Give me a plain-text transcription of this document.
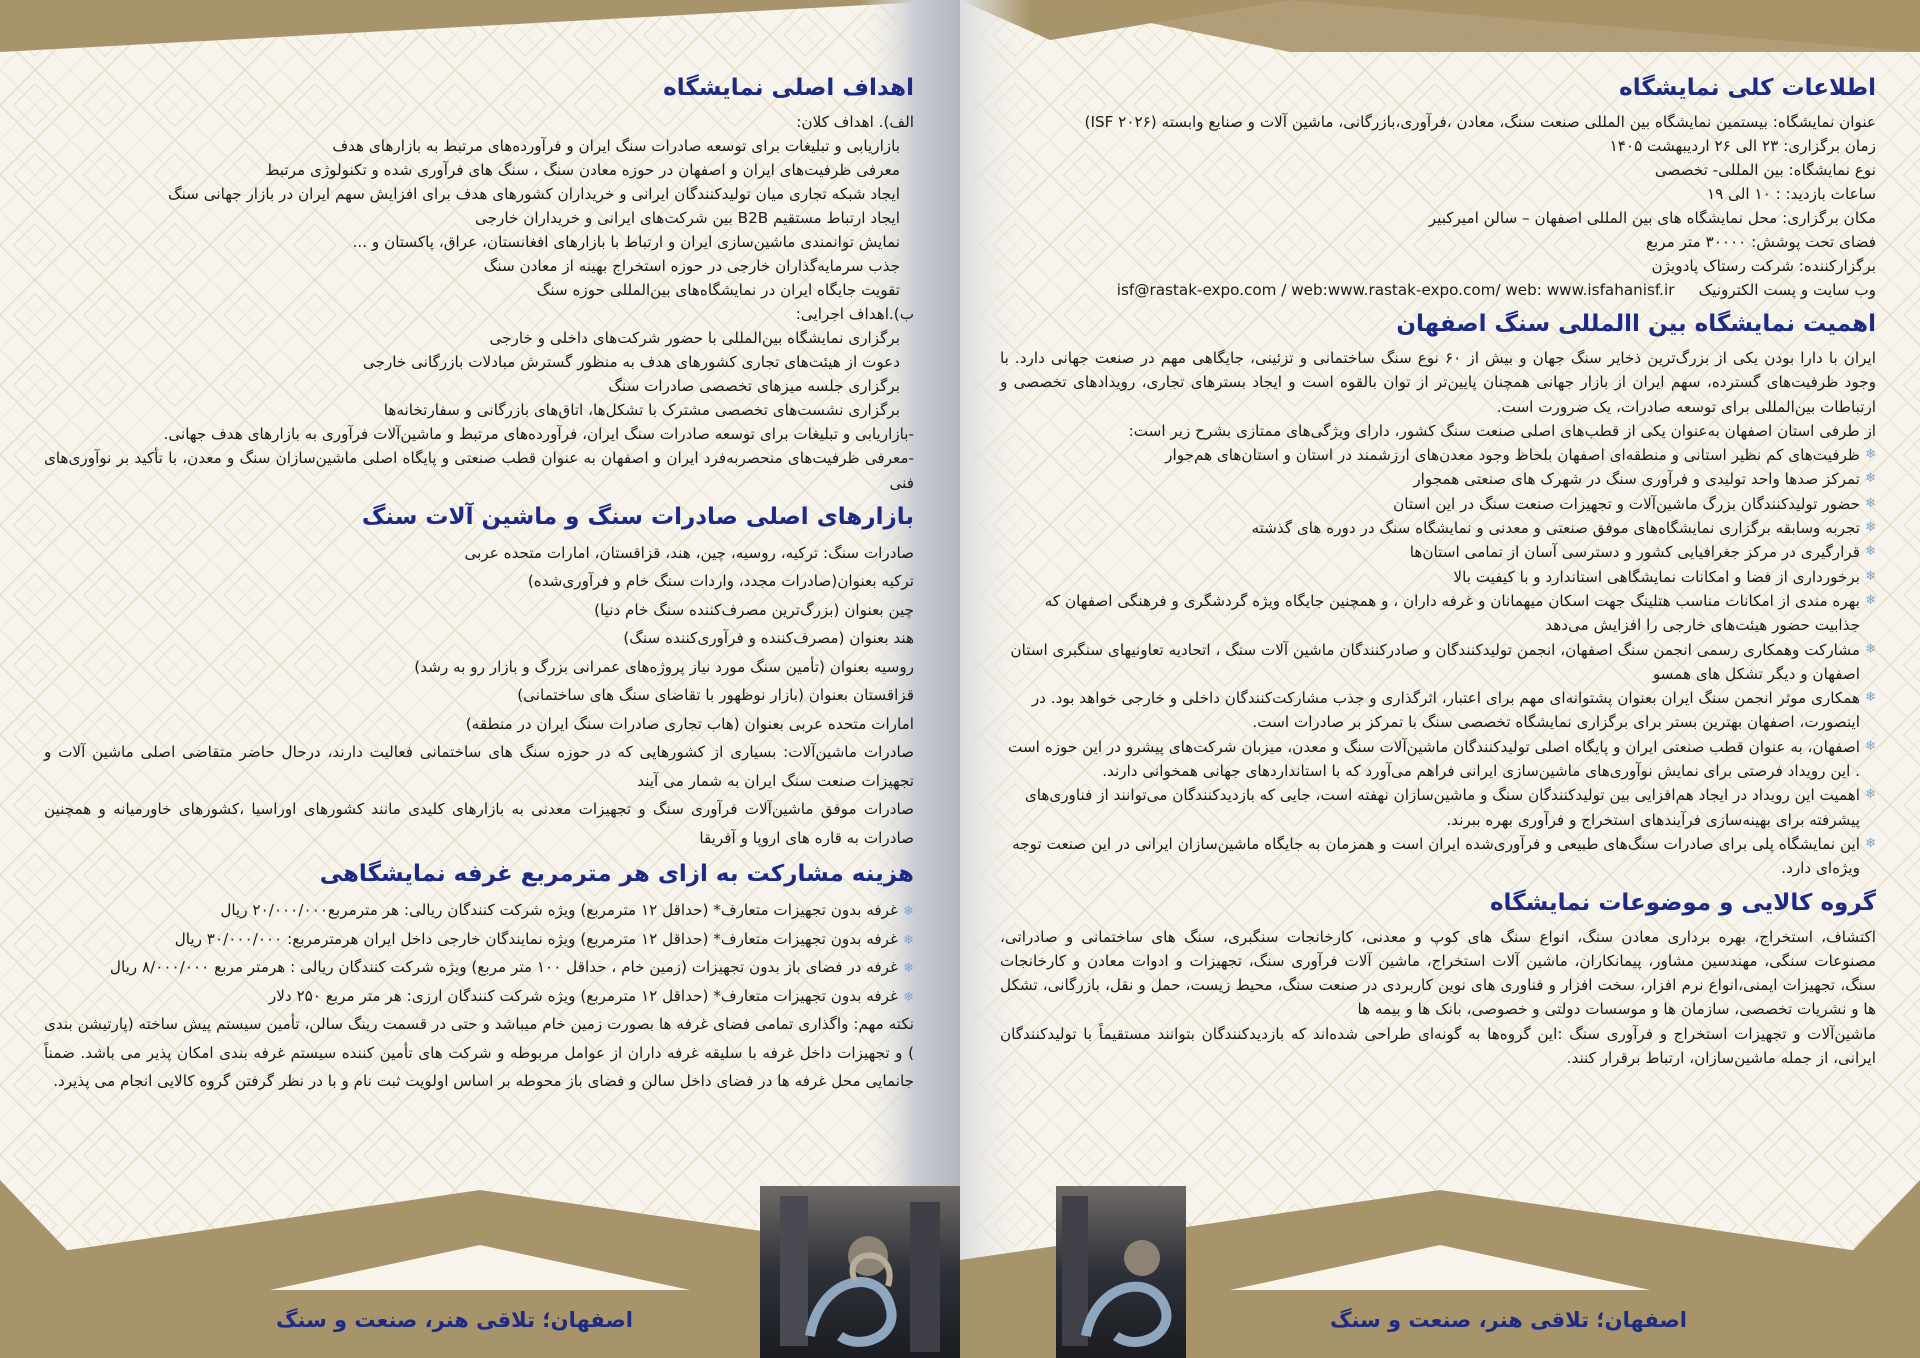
اطلاعات کلی نمایشگاه
عنوان نمایشگاه: بیستمین نمایشگاه بین المللی صنعت سنگ، معادن ،فرآوری،بازرگانی، ماشین آلات و صنایع وابسته (ISF ۲۰۲۶)
زمان برگزاری: ۲۳ الی ۲۶ اردیبهشت ۱۴۰۵
نوع نمایشگاه: بین المللی- تخصصی
ساعات بازدید: : ۱۰ الی ۱۹
مکان برگزاری: محل نمایشگاه های بین المللی اصفهان – سالن امیرکبیر
فضای تحت پوشش: ۳۰۰۰۰ متر مربع
برگزارکننده: شرکت رستاک پادویژن
وب سایت و پست الکترونیک     isf@rastak-expo.com / web:www.rastak-expo.com/ web: www.isfahanisf.ir
اهمیت نمایشگاه بین االمللی سنگ اصفهان
ایران با دارا بودن یکی از بزرگ‌ترین ذخایر سنگ جهان و بیش از ۶۰ نوع سنگ ساختمانی و تزئینی، جایگاهی مهم در صنعت جهانی دارد. با وجود ظرفیت‌های گسترده، سهم ایران از بازار جهانی همچنان پایین‌تر از توان بالقوه است و ایجاد بسترهای تجاری، رویدادهای تخصصی و ارتباطات بین‌المللی برای توسعه صادرات، یک ضرورت است.
از طرفی استان اصفهان به‌عنوان یکی از قطب‌های اصلی صنعت سنگ کشور، دارای ویژگی‌های ممتازی بشرح زیر است:
❄
ظرفیت‌های کم نظیر استانی و منطقه‌ای اصفهان بلحاظ وجود معدن‌های ارزشمند در استان و استان‌های هم‌جوار
❄
تمرکز صدها واحد تولیدی و فرآوری سنگ در شهرک های صنعتی همجوار
❄
حضور تولیدکنندگان بزرگ ماشین‌آلات و تجهیزات صنعت سنگ در این استان
❄
تجربه وسابقه برگزاری نمایشگاه‌های موفق صنعتی و معدنی و نمایشگاه سنگ در دوره های گذشته
❄
قرارگیری در مرکز جغرافیایی کشور و دسترسی آسان از تمامی استان‌ها
❄
برخورداری از فضا و امکانات نمایشگاهی استاندارد و با کیفیت بالا
❄
بهره مندی از امکانات مناسب هتلینگ جهت اسکان میهمانان و غرفه داران ، و همچنین جایگاه ویژه گردشگری و فرهنگی اصفهان که جذابیت حضور هیئت‌های خارجی را افزایش می‌دهد
❄
مشارکت وهمکاری رسمی انجمن سنگ اصفهان، انجمن تولیدکنندگان و صادرکنندگان ماشین آلات سنگ ، اتحادیه تعاونیهای سنگبری استان اصفهان و دیگر تشکل های همسو
❄
همکاری موثر انجمن سنگ ایران بعنوان پشتوانه‌ای مهم برای اعتبار، اثرگذاری و جذب مشارکت‌کنندگان داخلی و خارجی خواهد بود. در اینصورت، اصفهان بهترین بستر برای برگزاری نمایشگاه تخصصی سنگ با تمرکز بر صادرات است.
❄
اصفهان، به عنوان قطب صنعتی ایران و پایگاه اصلی تولیدکنندگان ماشین‌آلات سنگ و معدن، میزبان شرکت‌های پیشرو در این حوزه است . این رویداد فرصتی برای نمایش نوآوری‌های ماشین‌سازی ایرانی فراهم می‌آورد که با استانداردهای جهانی همخوانی دارند.
❄
اهمیت این رویداد در ایجاد هم‌افزایی بین تولیدکنندگان سنگ و ماشین‌سازان نهفته است، جایی که بازدیدکنندگان می‌توانند از فناوری‌های پیشرفته برای بهینه‌سازی فرآیندهای استخراج و فرآوری بهره ببرند.
❄
این نمایشگاه پلی برای صادرات سنگ‌های طبیعی و فرآوری‌شده ایران است و همزمان به جایگاه ماشین‌سازان ایرانی در این صنعت توجه ویژه‌ای دارد.
گروه کالایی و موضوعات نمایشگاه
اکتشاف، استخراج، بهره برداری معادن سنگ، انواع سنگ های کوپ و معدنی، کارخانجات سنگبری، سنگ های ساختمانی و صادراتی، مصنوعات سنگی، مهندسین مشاور، پیمانکاران، ماشین آلات استخراج، ماشین آلات فرآوری سنگ، تجهیزات و ادوات معادن و کارخانجات سنگ، تجهیزات ایمنی،انواع نرم افزار، سخت افزار و فناوری های نوین کاربردی در صنعت سنگ، محیط زیست، حمل و نقل، بازرگانی، تشکل ها و نشریات تخصصی، سازمان ها و موسسات دولتی و خصوصی، بانک ها و بیمه ها
ماشین‌آلات و تجهیزات استخراج و فرآوری سنگ :این گروه‌ها به گونه‌ای طراحی شده‌اند که بازدیدکنندگان بتوانند مستقیماً با تولیدکنندگان ایرانی، از جمله ماشین‌سازان، ارتباط برقرار کنند.
اهداف اصلی نمایشگاه
الف). اهداف کلان:
بازاریابی و تبلیغات برای توسعه صادرات سنگ ایران و فرآورده‌های مرتبط به بازارهای هدف
معرفی ظرفیت‌های ایران و اصفهان در حوزه معادن سنگ ، سنگ های فرآوری شده و تکنولوژی مرتبط
ایجاد شبکه تجاری میان تولیدکنندگان ایرانی و خریداران کشورهای هدف برای افزایش سهم ایران در بازار جهانی سنگ
ایجاد ارتباط مستقیم B2B بین شرکت‌های ایرانی و خریداران خارجی
نمایش توانمندی ماشین‌سازی ایران و ارتباط با بازارهای افغانستان، عراق، پاکستان و ...
جذب سرمایه‌گذاران خارجی در حوزه استخراج بهینه از معادن سنگ
تقویت جایگاه ایران در نمایشگاه‌های بین‌المللی حوزه سنگ
ب).اهداف اجرایی:
برگزاری نمایشگاه بین‌المللی با حضور شرکت‌های داخلی و خارجی
دعوت از هیئت‌های تجاری کشورهای هدف به منظور گسترش مبادلات بازرگانی خارجی
برگزاری جلسه میزهای تخصصی صادرات سنگ
برگزاری نشست‌های تخصصی مشترک با تشکل‌ها، اتاق‌های بازرگانی و سفارتخانه‌ها
-بازاریابی و تبلیغات برای توسعه صادرات سنگ ایران، فرآورده‌های مرتبط و ماشین‌آلات فرآوری به بازارهای هدف جهانی.
-معرفی ظرفیت‌های منحصربه‌فرد ایران و اصفهان به عنوان قطب صنعتی و پایگاه اصلی ماشین‌سازان سنگ و معدن، با تأکید بر نوآوری‌های فنی
بازارهای اصلی صادرات سنگ و ماشین آلات سنگ
صادرات سنگ: ترکیه، روسیه، چین، هند، قزاقستان، امارات متحده عربی
ترکیه بعنوان(صادرات مجدد، واردات سنگ خام و فرآوری‌شده)
چین بعنوان (بزرگ‌ترین مصرف‌کننده سنگ خام دنیا)
هند بعنوان (مصرف‌کننده و فرآوری‌کننده سنگ)
روسیه بعنوان (تأمین سنگ مورد نیاز پروژه‌های عمرانی بزرگ و بازار رو به رشد)
قزاقستان بعنوان (بازار نوظهور با تقاضای سنگ های ساختمانی)
امارات متحده عربی بعنوان (هاب تجاری صادرات سنگ ایران در منطقه)
صادرات ماشین‌آلات: بسیاری از کشورهایی که در حوزه سنگ های ساختمانی فعالیت دارند، درحال حاضر متقاضی اصلی ماشین آلات و تجهیزات صنعت سنگ ایران به شمار می آیند
صادرات موفق ماشین‌آلات فرآوری سنگ و تجهیزات معدنی به بازارهای کلیدی مانند کشورهای اوراسیا ،کشورهای خاورمیانه و همچنین صادرات به قاره های اروپا و آفریقا
هزینه مشارکت به ازای هر مترمربع غرفه نمایشگاهی
❄
غرفه بدون تجهیزات متعارف* (حداقل ۱۲ مترمربع) ویژه شرکت کنندگان ریالی: هر مترمربع۲۰/۰۰۰/۰۰۰ ریال
❄
غرفه بدون تجهیزات متعارف* (حداقل ۱۲ مترمربع) ویژه نمایندگان خارجی داخل ایران هرمترمربع: ۳۰/۰۰۰/۰۰۰ ریال
❄
غرفه در فضای باز بدون تجهیزات (زمین خام ، حداقل ۱۰۰ متر مربع) ویژه شرکت کنندگان ریالی : هرمتر مربع ۸/۰۰۰/۰۰۰ ریال
❄
غرفه بدون تجهیزات متعارف* (حداقل ۱۲ مترمربع) ویژه شرکت کنندگان ارزی: هر متر مربع ۲۵۰ دلار
نکته مهم: واگذاری تمامی فضای غرفه ها بصورت زمین خام میباشد و حتی در قسمت رینگ سالن، تأمین سیستم پیش ساخته (پارتیشن بندی ) و تجهیزات داخل غرفه با سلیقه غرفه داران از عوامل مربوطه و شرکت های تأمین کننده سیستم غرفه بندی امکان پذیر می باشد. ضمناً جانمایی محل غرفه ها در فضای داخل سالن و فضای باز محوطه بر اساس اولویت ثبت نام و با در نظر گرفتن گروه کالایی انجام می پذیرد.
اصفهان؛ تلاقی هنر، صنعت و سنگ
اصفهان؛ تلاقی هنر، صنعت و سنگ
